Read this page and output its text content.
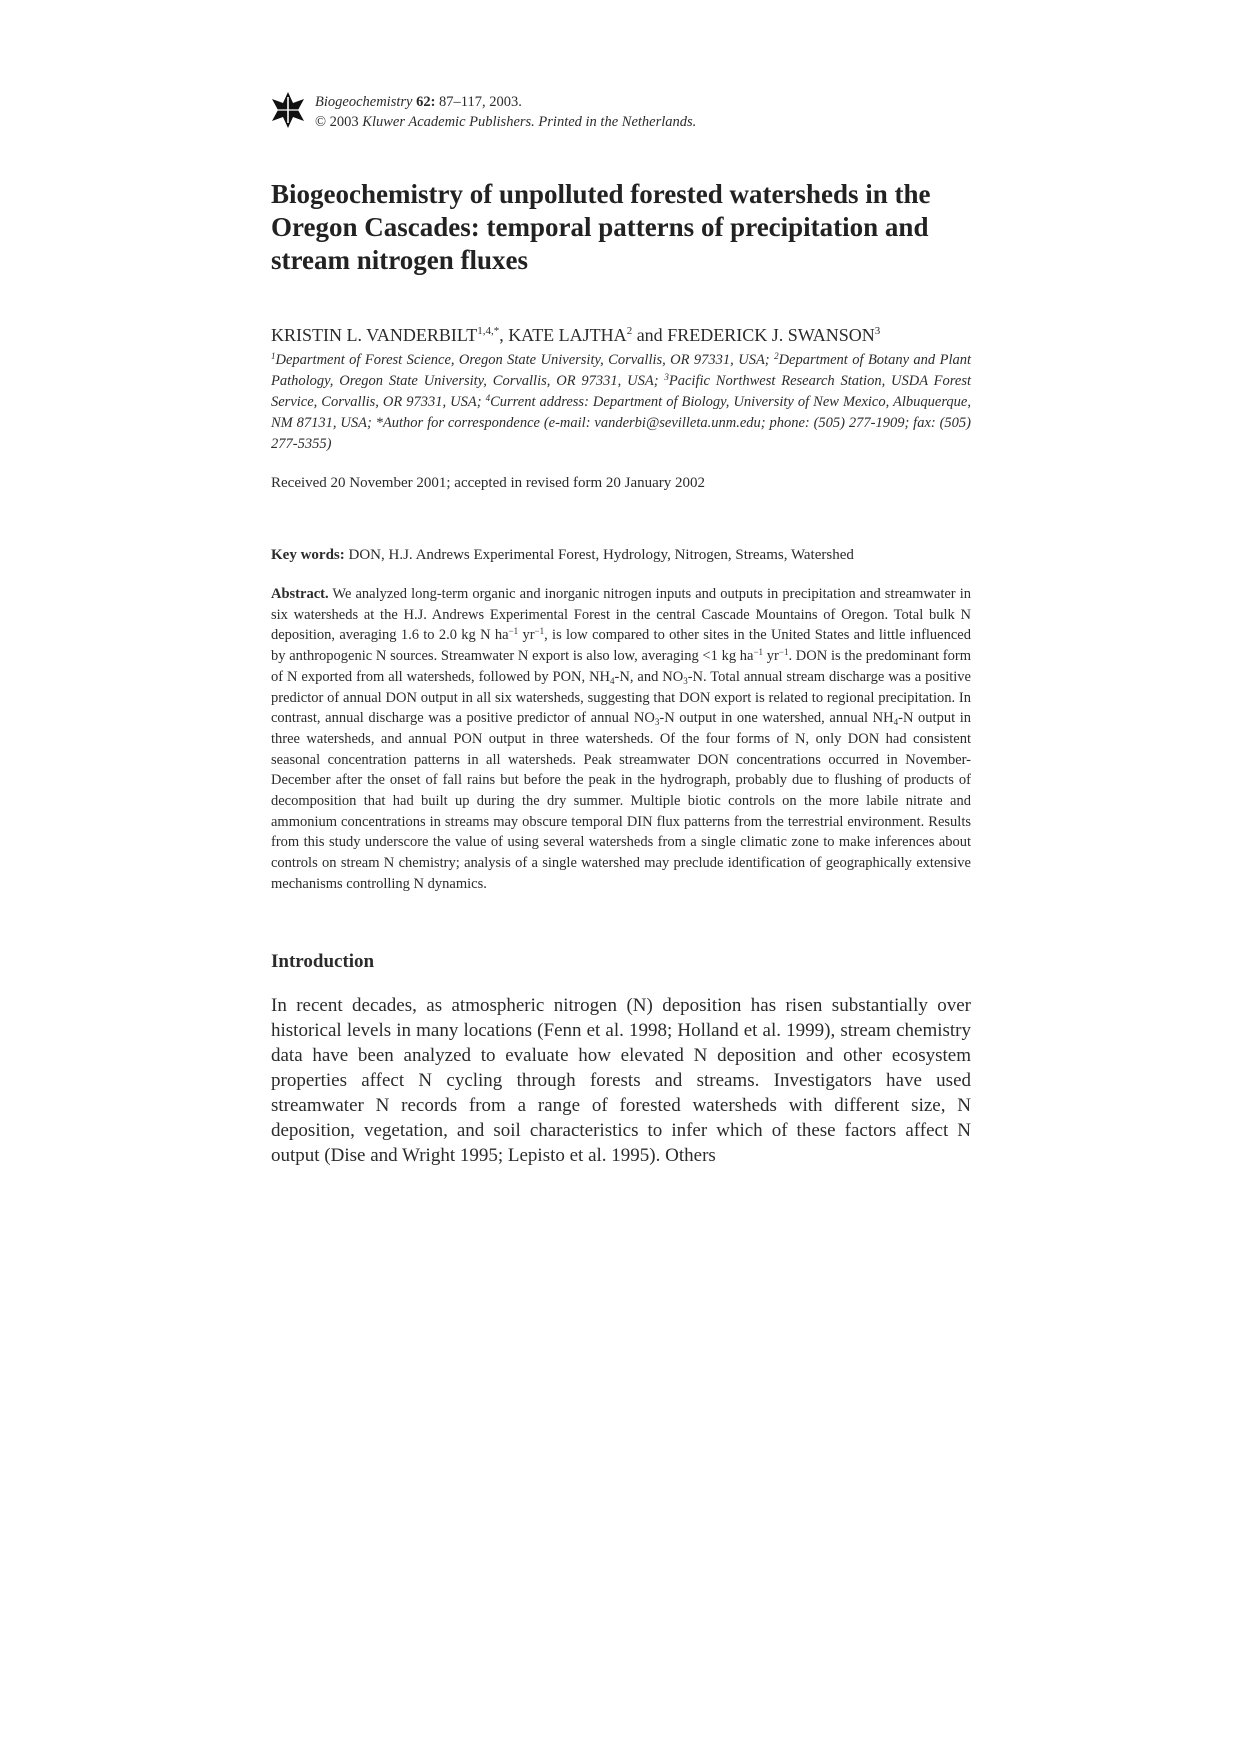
Biogeochemistry 62: 87–117, 2003.
© 2003 Kluwer Academic Publishers. Printed in the Netherlands.
Biogeochemistry of unpolluted forested watersheds in the Oregon Cascades: temporal patterns of precipitation and stream nitrogen fluxes
KRISTIN L. $VANDERBILT^{1,4,*}$, KATE LAJTHA$^2$ and FREDERICK J. SWANSON$^3$
$^1$Department of Forest Science, Oregon State University, Corvallis, OR 97331, USA; $^2$Department of Botany and Plant Pathology, Oregon State University, Corvallis, OR 97331, USA; $^3$Pacific Northwest Research Station, USDA Forest Service, Corvallis, OR 97331, USA; $^4$Current address: Department of Biology, University of New Mexico, Albuquerque, NM 87131, USA; *Author for correspondence (e-mail: vanderbi@sevilleta.unm.edu; phone: (505) 277-1909; fax: (505) 277-5355)
Received 20 November 2001; accepted in revised form 20 January 2002
Key words: DON, H.J. Andrews Experimental Forest, Hydrology, Nitrogen, Streams, Watershed
Abstract. We analyzed long-term organic and inorganic nitrogen inputs and outputs in precipitation and streamwater in six watersheds at the H.J. Andrews Experimental Forest in the central Cascade Mountains of Oregon. Total bulk N deposition, averaging 1.6 to 2.0 kg N $ha^{-1}$ $yr^{-1}$, is low compared to other sites in the United States and little influenced by anthropogenic N sources. Streamwater N export is also low, averaging <1 kg $ha^{-1}$ $yr^{-1}$. DON is the predominant form of N exported from all watersheds, followed by PON, $NH_4-N$, and $NO_3-N$. Total annual stream discharge was a positive predictor of annual DON output in all six watersheds, suggesting that DON export is related to regional precipitation. In contrast, annual discharge was a positive predictor of annual $NO_3-N$ output in one watershed, annual $NH_4-N$ output in three watersheds, and annual PON output in three watersheds. Of the four forms of N, only DON had consistent seasonal concentration patterns in all watersheds. Peak streamwater DON concentrations occurred in November-December after the onset of fall rains but before the peak in the hydrograph, probably due to flushing of products of decomposition that had built up during the dry summer. Multiple biotic controls on the more labile nitrate and ammonium concentrations in streams may obscure temporal DIN flux patterns from the terrestrial environment. Results from this study underscore the value of using several watersheds from a single climatic zone to make inferences about controls on stream N chemistry; analysis of a single watershed may preclude identification of geographically extensive mechanisms controlling N dynamics.
Introduction

In recent decades, as atmospheric nitrogen (N) deposition has risen substantially over historical levels in many locations (Fenn et al. 1998; Holland et al. 1999), stream chemistry data have been analyzed to evaluate how elevated N deposition and other ecosystem properties affect N cycling through forests and streams. Investigators have used streamwater N records from a range of forested watersheds with different size, N deposition, vegetation, and soil characteristics to infer which of these factors affect N output (Dise and Wright 1995; Lepisto et al. 1995). Others
